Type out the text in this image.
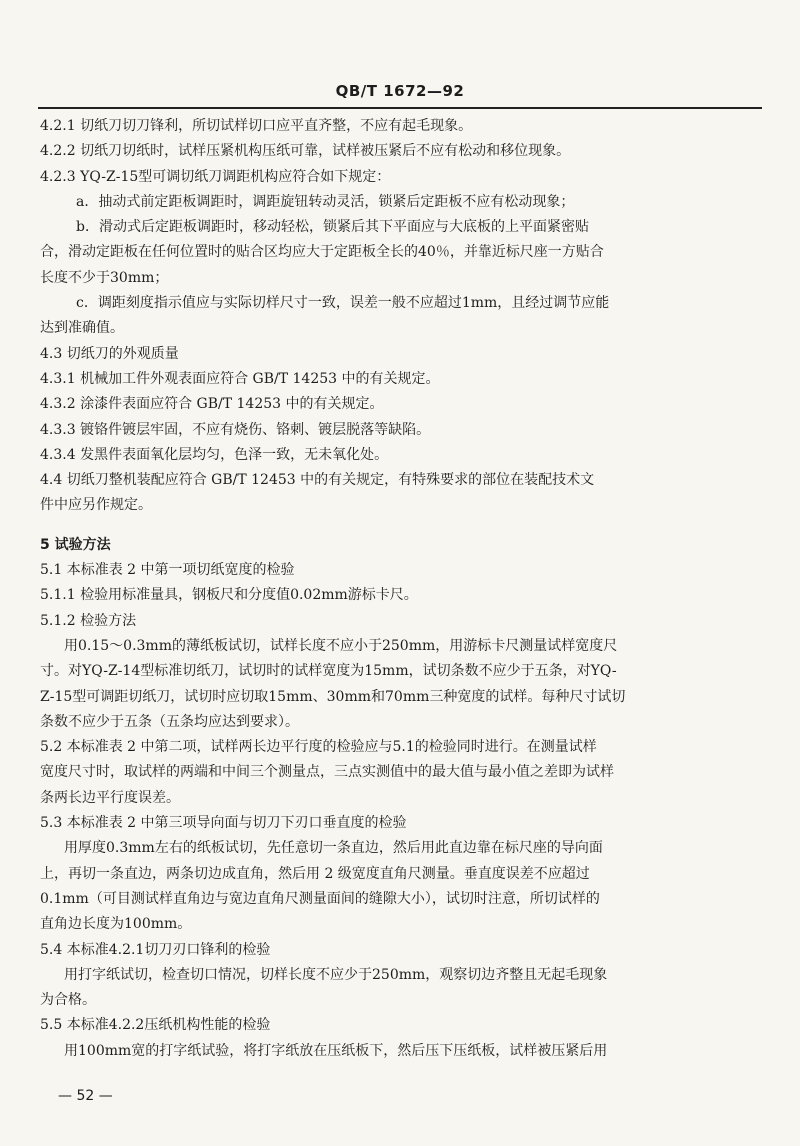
QB/T 1672—92
4.2.1 切纸刀切刀锋利，所切试样切口应平直齐整，不应有起毛现象。
4.2.2 切纸刀切纸时，试样压紧机构压纸可靠，试样被压紧后不应有松动和移位现象。
4.2.3 YQ-Z-15型可调切纸刀调距机构应符合如下规定：
a．抽动式前定距板调距时，调距旋钮转动灵活，锁紧后定距板不应有松动现象；
b．滑动式后定距板调距时，移动轻松，锁紧后其下平面应与大底板的上平面紧密贴
合，滑动定距板在任何位置时的贴合区均应大于定距板全长的40％，并靠近标尺座一方贴合
长度不少于30mm；
c．调距刻度指示值应与实际切样尺寸一致，误差一般不应超过1mm，且经过调节应能
达到准确值。
4.3 切纸刀的外观质量
4.3.1 机械加工件外观表面应符合 GB/T 14253 中的有关规定。
4.3.2 涂漆件表面应符合 GB/T 14253 中的有关规定。
4.3.3 镀铬件镀层牢固，不应有烧伤、铬刺、镀层脱落等缺陷。
4.3.4 发黑件表面氧化层均匀，色泽一致，无未氧化处。
4.4 切纸刀整机装配应符合 GB/T 12453 中的有关规定，有特殊要求的部位在装配技术文
件中应另作规定。
5 试验方法
5.1 本标准表 2 中第一项切纸宽度的检验
5.1.1 检验用标准量具，钢板尺和分度值0.02mm游标卡尺。
5.1.2 检验方法
用0.15～0.3mm的薄纸板试切，试样长度不应小于250mm，用游标卡尺测量试样宽度尺
寸。对YQ-Z-14型标准切纸刀，试切时的试样宽度为15mm，试切条数不应少于五条，对YQ-
Z-15型可调距切纸刀，试切时应切取15mm、30mm和70mm三种宽度的试样。每种尺寸试切
条数不应少于五条（五条均应达到要求）。
5.2 本标准表 2 中第二项，试样两长边平行度的检验应与5.1的检验同时进行。在测量试样
宽度尺寸时，取试样的两端和中间三个测量点，三点实测值中的最大值与最小值之差即为试样
条两长边平行度误差。
5.3 本标准表 2 中第三项导向面与切刀下刃口垂直度的检验
用厚度0.3mm左右的纸板试切，先任意切一条直边，然后用此直边靠在标尺座的导向面
上，再切一条直边，两条切边成直角，然后用 2 级宽度直角尺测量。垂直度误差不应超过
0.1mm（可目测试样直角边与宽边直角尺测量面间的缝隙大小），试切时注意，所切试样的
直角边长度为100mm。
5.4 本标准4.2.1切刀刃口锋利的检验
用打字纸试切，检查切口情况，切样长度不应少于250mm，观察切边齐整且无起毛现象
为合格。
5.5 本标准4.2.2压纸机构性能的检验
用100mm宽的打字纸试验，将打字纸放在压纸板下，然后压下压纸板，试样被压紧后用
— 52 —
